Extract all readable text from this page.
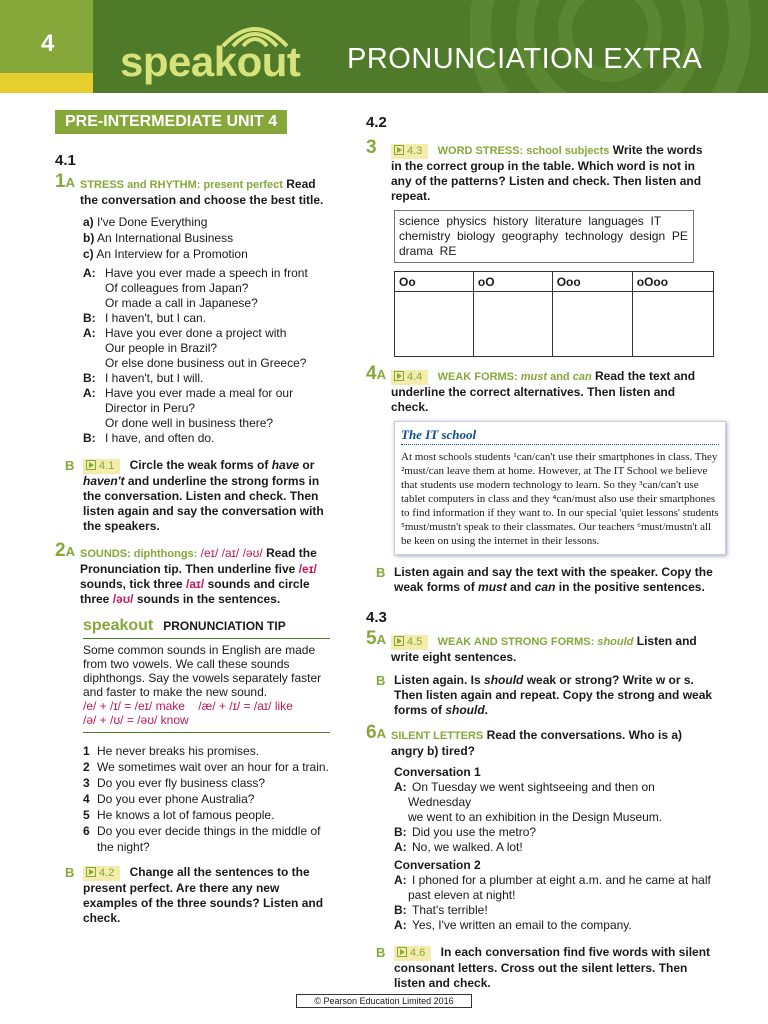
4 speakout PRONUNCIATION EXTRA
PRE-INTERMEDIATE UNIT 4
4.1
1A STRESS and RHYTHM: present perfect Read the conversation and choose the best title.
a) I've Done Everything
b) An International Business
c) An Interview for a Promotion
A: Have you ever made a speech in front
Of colleagues from Japan?
Or made a call in Japanese?
B: I haven't, but I can.
A: Have you ever done a project with
Our people in Brazil?
Or else done business out in Greece?
B: I haven't, but I will.
A: Have you ever made a meal for our
Director in Peru?
Or done well in business there?
B: I have, and often do.
B 4.1 Circle the weak forms of have or haven't and underline the strong forms in the conversation. Listen and check. Then listen again and say the conversation with the speakers.
2A SOUNDS: diphthongs: /eɪ/ /aɪ/ /əʊ/ Read the Pronunciation tip. Then underline five /eɪ/ sounds, tick three /aɪ/ sounds and circle three /əʊ/ sounds in the sentences.
speakout PRONUNCIATION TIP

Some common sounds in English are made from two vowels. We call these sounds diphthongs. Say the vowels separately faster and faster to make the new sound.

/e/ + /ɪ/ = /eɪ/ make    /æ/ + /ɪ/ = /aɪ/ like
/ə/ + /ʊ/ = /əʊ/ know
1 He never breaks his promises.
2 We sometimes wait over an hour for a train.
3 Do you ever fly business class?
4 Do you ever phone Australia?
5 He knows a lot of famous people.
6 Do you ever decide things in the middle of the night?
B 4.2 Change all the sentences to the present perfect. Are there any new examples of the three sounds? Listen and check.
4.2
3	4.3 WORD STRESS: school subjects Write the words in the correct group in the table. Which word is not in any of the patterns? Listen and check. Then listen and repeat.
science  physics  history  literature  languages  IT  chemistry  biology  geography  technology  design  PE  drama  RE
Oo	oO	Ooo	oOoo

4A 4.4 WEAK FORMS: must and can Read the text and underline the correct alternatives. Then listen and check.
The IT school
At most schools students ¹can/can't use their smartphones in class. They ²must/can leave them at home. However, at The IT School we believe that students use modern technology to learn. So they ³can/can't use tablet computers in class and they ⁴can/must also use their smartphones to find information if they want to. In our special 'quiet lessons' students ⁵must/mustn't speak to their classmates. Our teachers ⁶must/mustn't all be keen on using the internet in their lessons.
B Listen again and say the text with the speaker. Copy the weak forms of must and can in the positive sentences.
4.3
5A 4.5 WEAK AND STRONG FORMS: should Listen and write eight sentences.
B Listen again. Is should weak or strong? Write w or s. Then listen again and repeat. Copy the strong and weak forms of should.
6A SILENT LETTERS Read the conversations. Who is a) angry b) tired?
Conversation 1
A: On Tuesday we went sightseeing and then on Wednesday
we went to an exhibition in the Design Museum.
B: Did you use the metro?
A: No, we walked. A lot!
Conversation 2
A: I phoned for a plumber at eight a.m. and he came at half
past eleven at night!
B: That's terrible!
A: Yes, I've written an email to the company.
B 4.6 In each conversation find five words with silent consonant letters. Cross out the silent letters. Then listen and check.
© Pearson Education Limited 2016
